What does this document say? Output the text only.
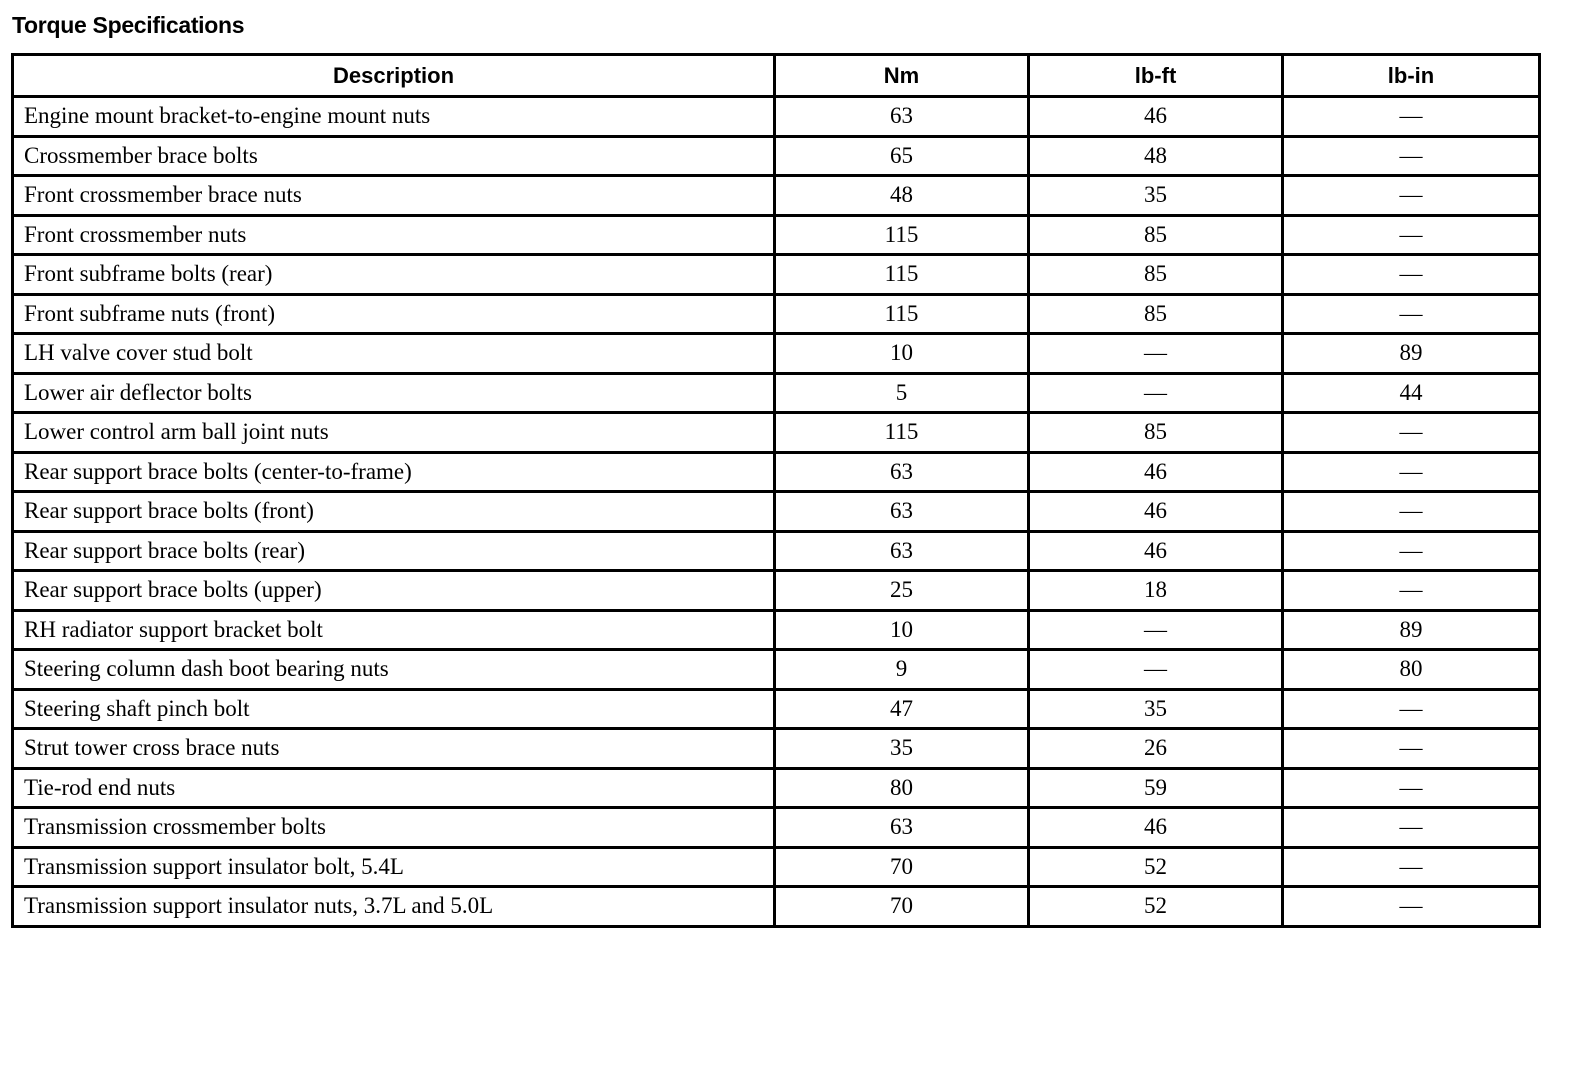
Torque Specifications
Description	Nm	lb-ft	lb-in
Engine mount bracket-to-engine mount nuts	63	46	—
Crossmember brace bolts	65	48	—
Front crossmember brace nuts	48	35	—
Front crossmember nuts	115	85	—
Front subframe bolts (rear)	115	85	—
Front subframe nuts (front)	115	85	—
LH valve cover stud bolt	10	—	89
Lower air deflector bolts	5	—	44
Lower control arm ball joint nuts	115	85	—
Rear support brace bolts (center-to-frame)	63	46	—
Rear support brace bolts (front)	63	46	—
Rear support brace bolts (rear)	63	46	—
Rear support brace bolts (upper)	25	18	—
RH radiator support bracket bolt	10	—	89
Steering column dash boot bearing nuts	9	—	80
Steering shaft pinch bolt	47	35	—
Strut tower cross brace nuts	35	26	—
Tie-rod end nuts	80	59	—
Transmission crossmember bolts	63	46	—
Transmission support insulator bolt, 5.4L	70	52	—
Transmission support insulator nuts, 3.7L and 5.0L	70	52	—
